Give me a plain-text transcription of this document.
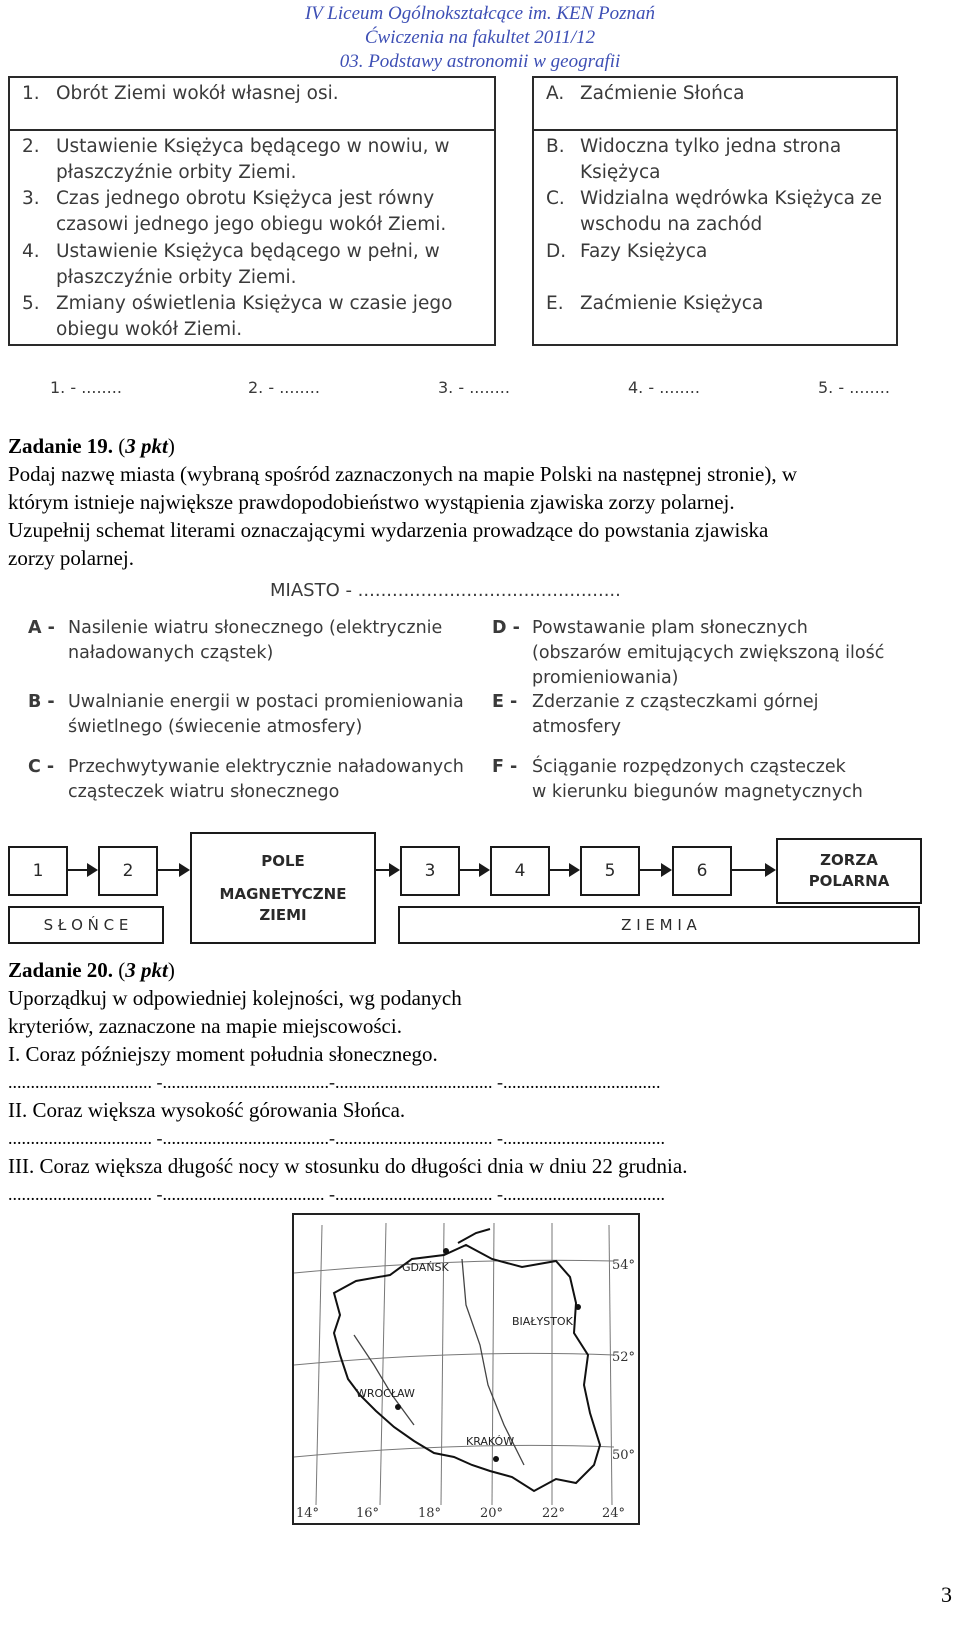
IV Liceum Ogólnokształcące im. KEN Poznań
Ćwiczenia na fakultet 2011/12
03. Podstawy astronomii w geografii
1. Obrót Ziemi wokół własnej osi.
2. Ustawienie Księżyca będącego w nowiu, w płaszczyźnie orbity Ziemi.
3. Czas jednego obrotu Księżyca jest równy czasowi jednego jego obiegu wokół Ziemi.
4. Ustawienie Księżyca będącego w pełni, w płaszczyźnie orbity Ziemi.
5. Zmiany oświetlenia Księżyca w czasie jego obiegu wokół Ziemi.
A. Zaćmienie Słońca
B. Widoczna tylko jedna strona Księżyca
C. Widzialna wędrówka Księżyca ze wschodu na zachód
D. Fazy Księżyca
E. Zaćmienie Księżyca
1. - ........	2. - ........	3. - ........	4. - ........	5. - ........
Zadanie 19. (3 pkt)
Podaj nazwę miasta (wybraną spośród zaznaczonych na mapie Polski na następnej stronie), w
którym istnieje największe prawdopodobieństwo wystąpienia zjawiska zorzy polarnej.
Uzupełnij schemat literami oznaczającymi wydarzenia prowadzące do powstania zjawiska
zorzy polarnej.
MIASTO - ..............................................
A - Nasilenie wiatru słonecznego (elektrycznie
naładowanych cząstek)
B - Uwalnianie energii w postaci promieniowania
świetlnego (świecenie atmosfery)
C - Przechwytywanie elektrycznie naładowanych
cząsteczek wiatru słonecznego
D - Powstawanie plam słonecznych
(obszarów emitujących zwiększoną ilość
promieniowania)
E - Zderzanie z cząsteczkami górnej
atmosfery
F - Ściąganie rozpędzonych cząsteczek
w kierunku biegunów magnetycznych
1	2
POLE
MAGNETYCZNE
ZIEMI
3	4	5	6
ZORZA
POLARNA
S Ł O Ń C E	Z I E M I A
Zadanie 20. (3 pkt)
Uporządkuj w odpowiedniej kolejności, wg podanych
kryteriów, zaznaczone na mapie miejscowości.
I. Coraz późniejszy moment południa słonecznego.
................................ -.....................................-................................... -...................................
II. Coraz większa wysokość górowania Słońca.
................................ -.....................................-................................... -....................................
III. Coraz większa długość nocy w stosunku do długości dnia w dniu 22 grudnia.
................................ -.................................... -................................... -....................................
GDAŃSK
BIAŁYSTOK
WROCŁAW
KRAKÓW
54°
52°
50°
14°	16°	18°	20°	22°	24°
3
